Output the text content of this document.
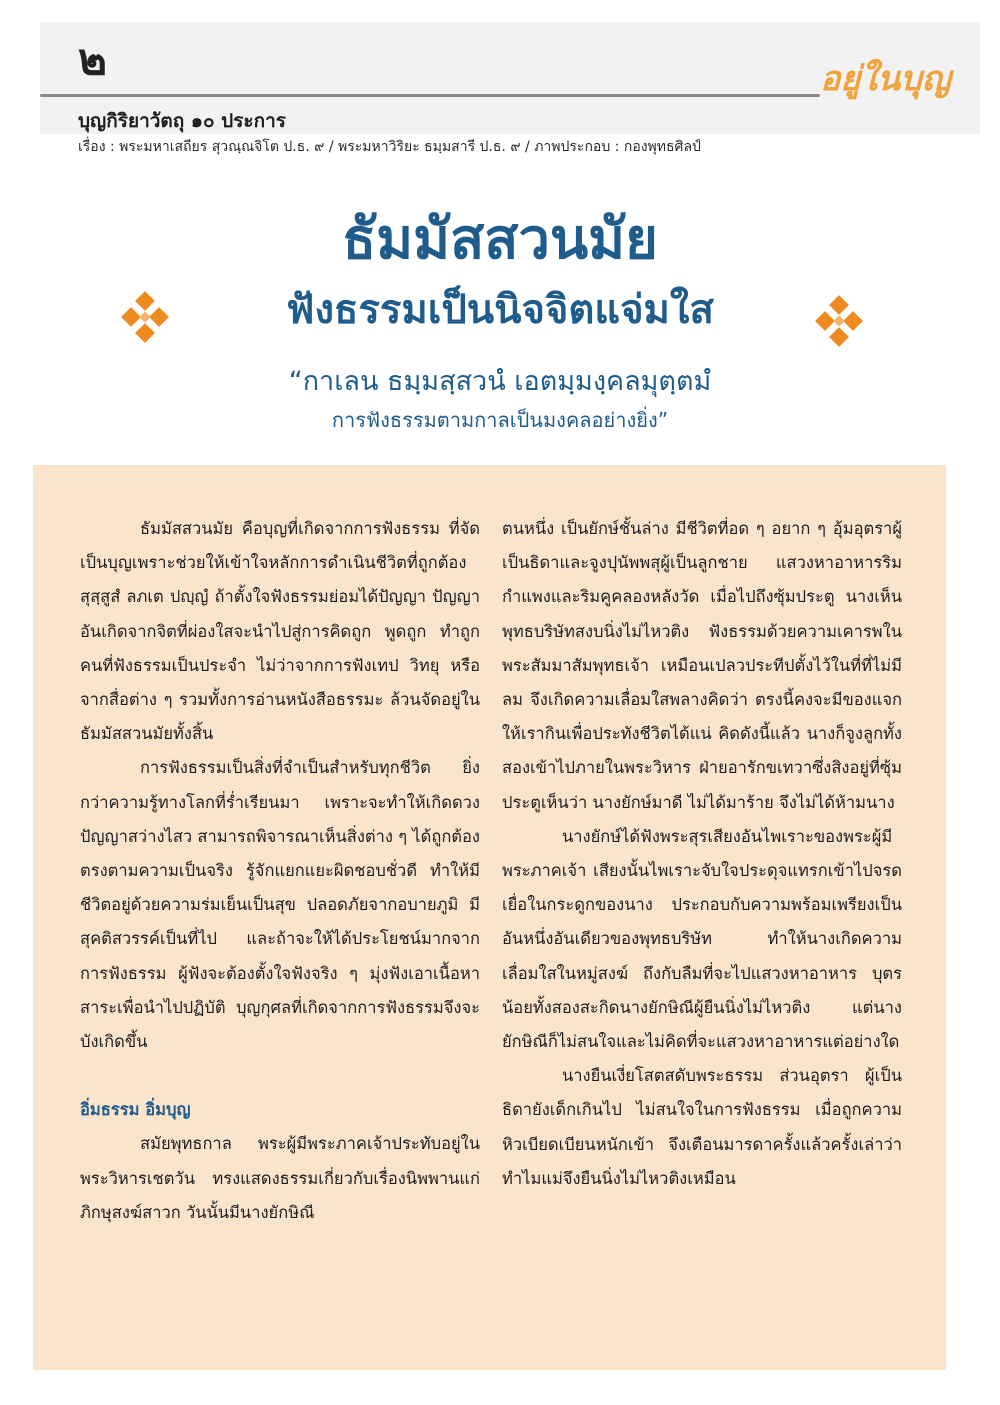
๒	อยู่ในบุญ
บุญกิริยาวัตถุ ๑๐ ประการ
เรื่อง : พระมหาเสถียร สุวณฺณจิโต ป.ธ. ๙ / พระมหาวิริยะ ธมฺมสารี ป.ธ. ๙ / ภาพประกอบ : กองพุทธศิลป์
ธัมมัสสวนมัย
ฟังธรรมเป็นนิจจิตแจ่มใส
“กาเลน ธมฺมสฺสวนํ เอตมฺมงฺคลมุตฺตมํ
การฟังธรรมตามกาลเป็นมงคลอย่างยิ่ง”

ธัมมัสสวนมัย คือบุญที่เกิดจากการฟังธรรม ที่จัดเป็นบุญเพราะช่วยให้เข้าใจหลักการดำเนินชีวิตที่ถูกต้อง สุสฺสูสํ ลภเต ปญฺญํ ถ้าตั้งใจฟังธรรมย่อมได้ปัญญา ปัญญาอันเกิดจากจิตที่ผ่องใสจะนำไปสู่การคิดถูก พูดถูก ทำถูก คนที่ฟังธรรมเป็นประจำ ไม่ว่าจากการฟังเทป วิทยุ หรือจากสื่อต่าง ๆ รวมทั้งการอ่านหนังสือธรรมะ ล้วนจัดอยู่ในธัมมัสสวนมัยทั้งสิ้น

การฟังธรรมเป็นสิ่งที่จำเป็นสำหรับทุกชีวิต ยิ่งกว่าความรู้ทางโลกที่ร่ำเรียนมา เพราะจะทำให้เกิดดวงปัญญาสว่างไสว สามารถพิจารณาเห็นสิ่งต่าง ๆ ได้ถูกต้องตรงตามความเป็นจริง รู้จักแยกแยะผิดชอบชั่วดี ทำให้มีชีวิตอยู่ด้วยความร่มเย็นเป็นสุข ปลอดภัยจากอบายภูมิ มีสุคติสวรรค์เป็นที่ไป และถ้าจะให้ได้ประโยชน์มากจากการฟังธรรม ผู้ฟังจะต้องตั้งใจฟังจริง ๆ มุ่งฟังเอาเนื้อหาสาระเพื่อนำไปปฏิบัติ บุญกุศลที่เกิดจากการฟังธรรมจึงจะบังเกิดขึ้น

อิ่มธรรม อิ่มบุญ

สมัยพุทธกาล พระผู้มีพระภาคเจ้าประทับอยู่ในพระวิหารเชตวัน ทรงแสดงธรรมเกี่ยวกับเรื่องนิพพานแก่ภิกษุสงฆ์สาวก วันนั้นมีนางยักษิณี

ตนหนึ่ง เป็นยักษ์ชั้นล่าง มีชีวิตที่อด ๆ อยาก ๆ อุ้มอุตราผู้เป็นธิดาและจูงปุนัพพสุผู้เป็นลูกชาย แสวงหาอาหารริมกำแพงและริมคูคลองหลังวัด เมื่อไปถึงซุ้มประตู นางเห็นพุทธบริษัทสงบนิ่งไม่ไหวติง ฟังธรรมด้วยความเคารพในพระสัมมาสัมพุทธเจ้า เหมือนเปลวประทีปตั้งไว้ในที่ที่ไม่มีลม จึงเกิดความเลื่อมใสพลางคิดว่า ตรงนี้คงจะมีของแจกให้เรากินเพื่อประทังชีวิตได้แน่ คิดดังนี้แล้ว นางก็จูงลูกทั้งสองเข้าไปภายในพระวิหาร ฝ่ายอารักขเทวาซึ่งสิงอยู่ที่ซุ้มประตูเห็นว่า นางยักษ์มาดี ไม่ได้มาร้าย จึงไม่ได้ห้ามนาง

นางยักษ์ได้ฟังพระสุรเสียงอันไพเราะของพระผู้มีพระภาคเจ้า เสียงนั้นไพเราะจับใจประดุจแทรกเข้าไปจรดเยื่อในกระดูกของนาง ประกอบกับความพร้อมเพรียงเป็นอันหนึ่งอันเดียวของพุทธบริษัท ทำให้นางเกิดความเลื่อมใสในหมู่สงฆ์ ถึงกับลืมที่จะไปแสวงหาอาหาร บุตรน้อยทั้งสองสะกิดนางยักษิณีผู้ยืนนิ่งไม่ไหวติง แต่นางยักษิณีก็ไม่สนใจและไม่คิดที่จะแสวงหาอาหารแต่อย่างใด

นางยืนเงี่ยโสตสดับพระธรรม ส่วนอุตรา ผู้เป็นธิดายังเด็กเกินไป ไม่สนใจในการฟังธรรม เมื่อถูกความหิวเบียดเบียนหนักเข้า จึงเตือนมารดาครั้งแล้วครั้งเล่าว่า ทำไมแม่จึงยืนนิ่งไม่ไหวติงเหมือน
